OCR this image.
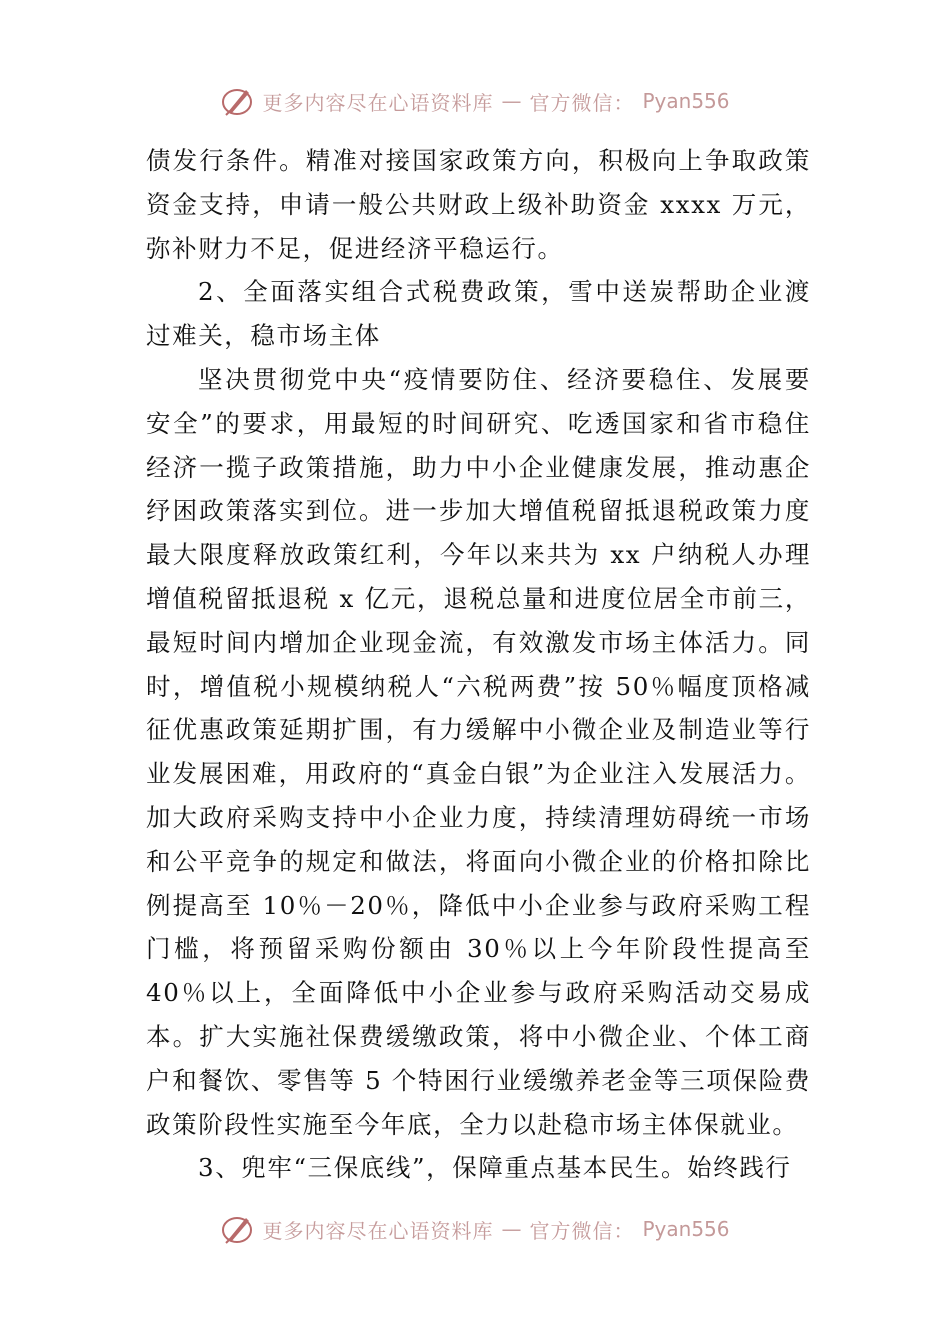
更多内容尽在心语资料库 — 官方微信： Pyan556

债发行条件。精准对接国家政策方向，积极向上争取政策资金支持，申请一般公共财政上级补助资金 xxxx 万元，弥补财力不足，促进经济平稳运行。

2、全面落实组合式税费政策，雪中送炭帮助企业渡过难关，稳市场主体

坚决贯彻党中央“疫情要防住、经济要稳住、发展要安全”的要求，用最短的时间研究、吃透国家和省市稳住经济一揽子政策措施，助力中小企业健康发展，推动惠企纾困政策落实到位。进一步加大增值税留抵退税政策力度最大限度释放政策红利，今年以来共为 xx 户纳税人办理增值税留抵退税 x 亿元，退税总量和进度位居全市前三，最短时间内增加企业现金流，有效激发市场主体活力。同时，增值税小规模纳税人“六税两费”按 50％幅度顶格减征优惠政策延期扩围，有力缓解中小微企业及制造业等行业发展困难，用政府的“真金白银”为企业注入发展活力。加大政府采购支持中小企业力度，持续清理妨碍统一市场和公平竞争的规定和做法，将面向小微企业的价格扣除比例提高至 10％－20％，降低中小企业参与政府采购工程门槛，将预留采购份额由 30％以上今年阶段性提高至 40％以上，全面降低中小企业参与政府采购活动交易成本。扩大实施社保费缓缴政策，将中小微企业、个体工商户和餐饮、零售等 5 个特困行业缓缴养老金等三项保险费政策阶段性实施至今年底，全力以赴稳市场主体保就业。

3、兜牢“三保底线”，保障重点基本民生。始终践行

更多内容尽在心语资料库 — 官方微信： Pyan556
